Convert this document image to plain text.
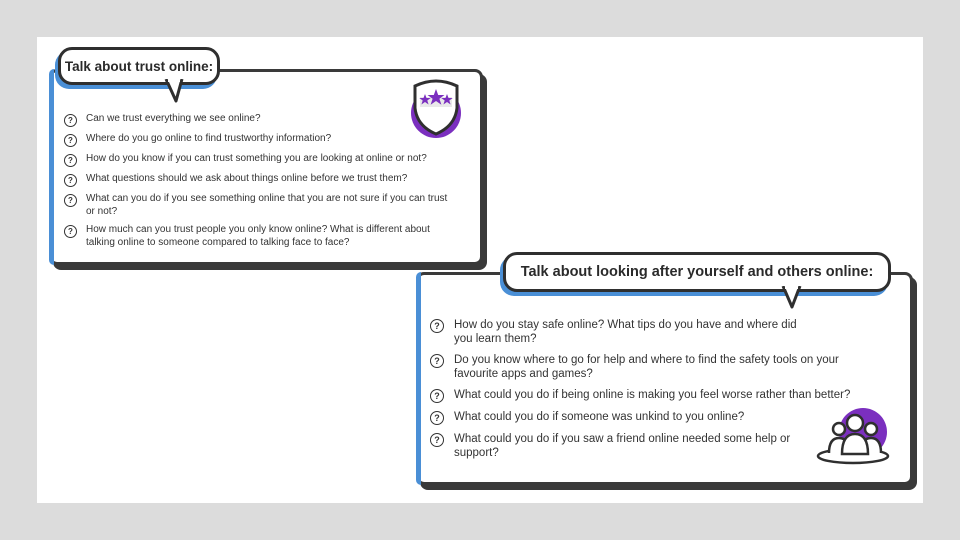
?	Can we trust everything we see online?
?	Where do you go online to find trustworthy information?
?	How do you know if you can trust something you are looking at online or not?
?	What questions should we ask about things online before we trust them?
?	What can you do if you see something online that you are not sure if you can trust or not?
?	How much can you trust people you only know online? What is different about talking online to someone compared to talking face to face?
Talk about trust online:
?	How do you stay safe online? What tips do you have and where did you learn them?
?	Do you know where to go for help and where to find the safety tools on your favourite apps and games?
?	What could you do if being online is making you feel worse rather than better?
?	What could you do if someone was unkind to you online?
?	What could you do if you saw a friend online needed some help or support?
Talk about looking after yourself and others online:
